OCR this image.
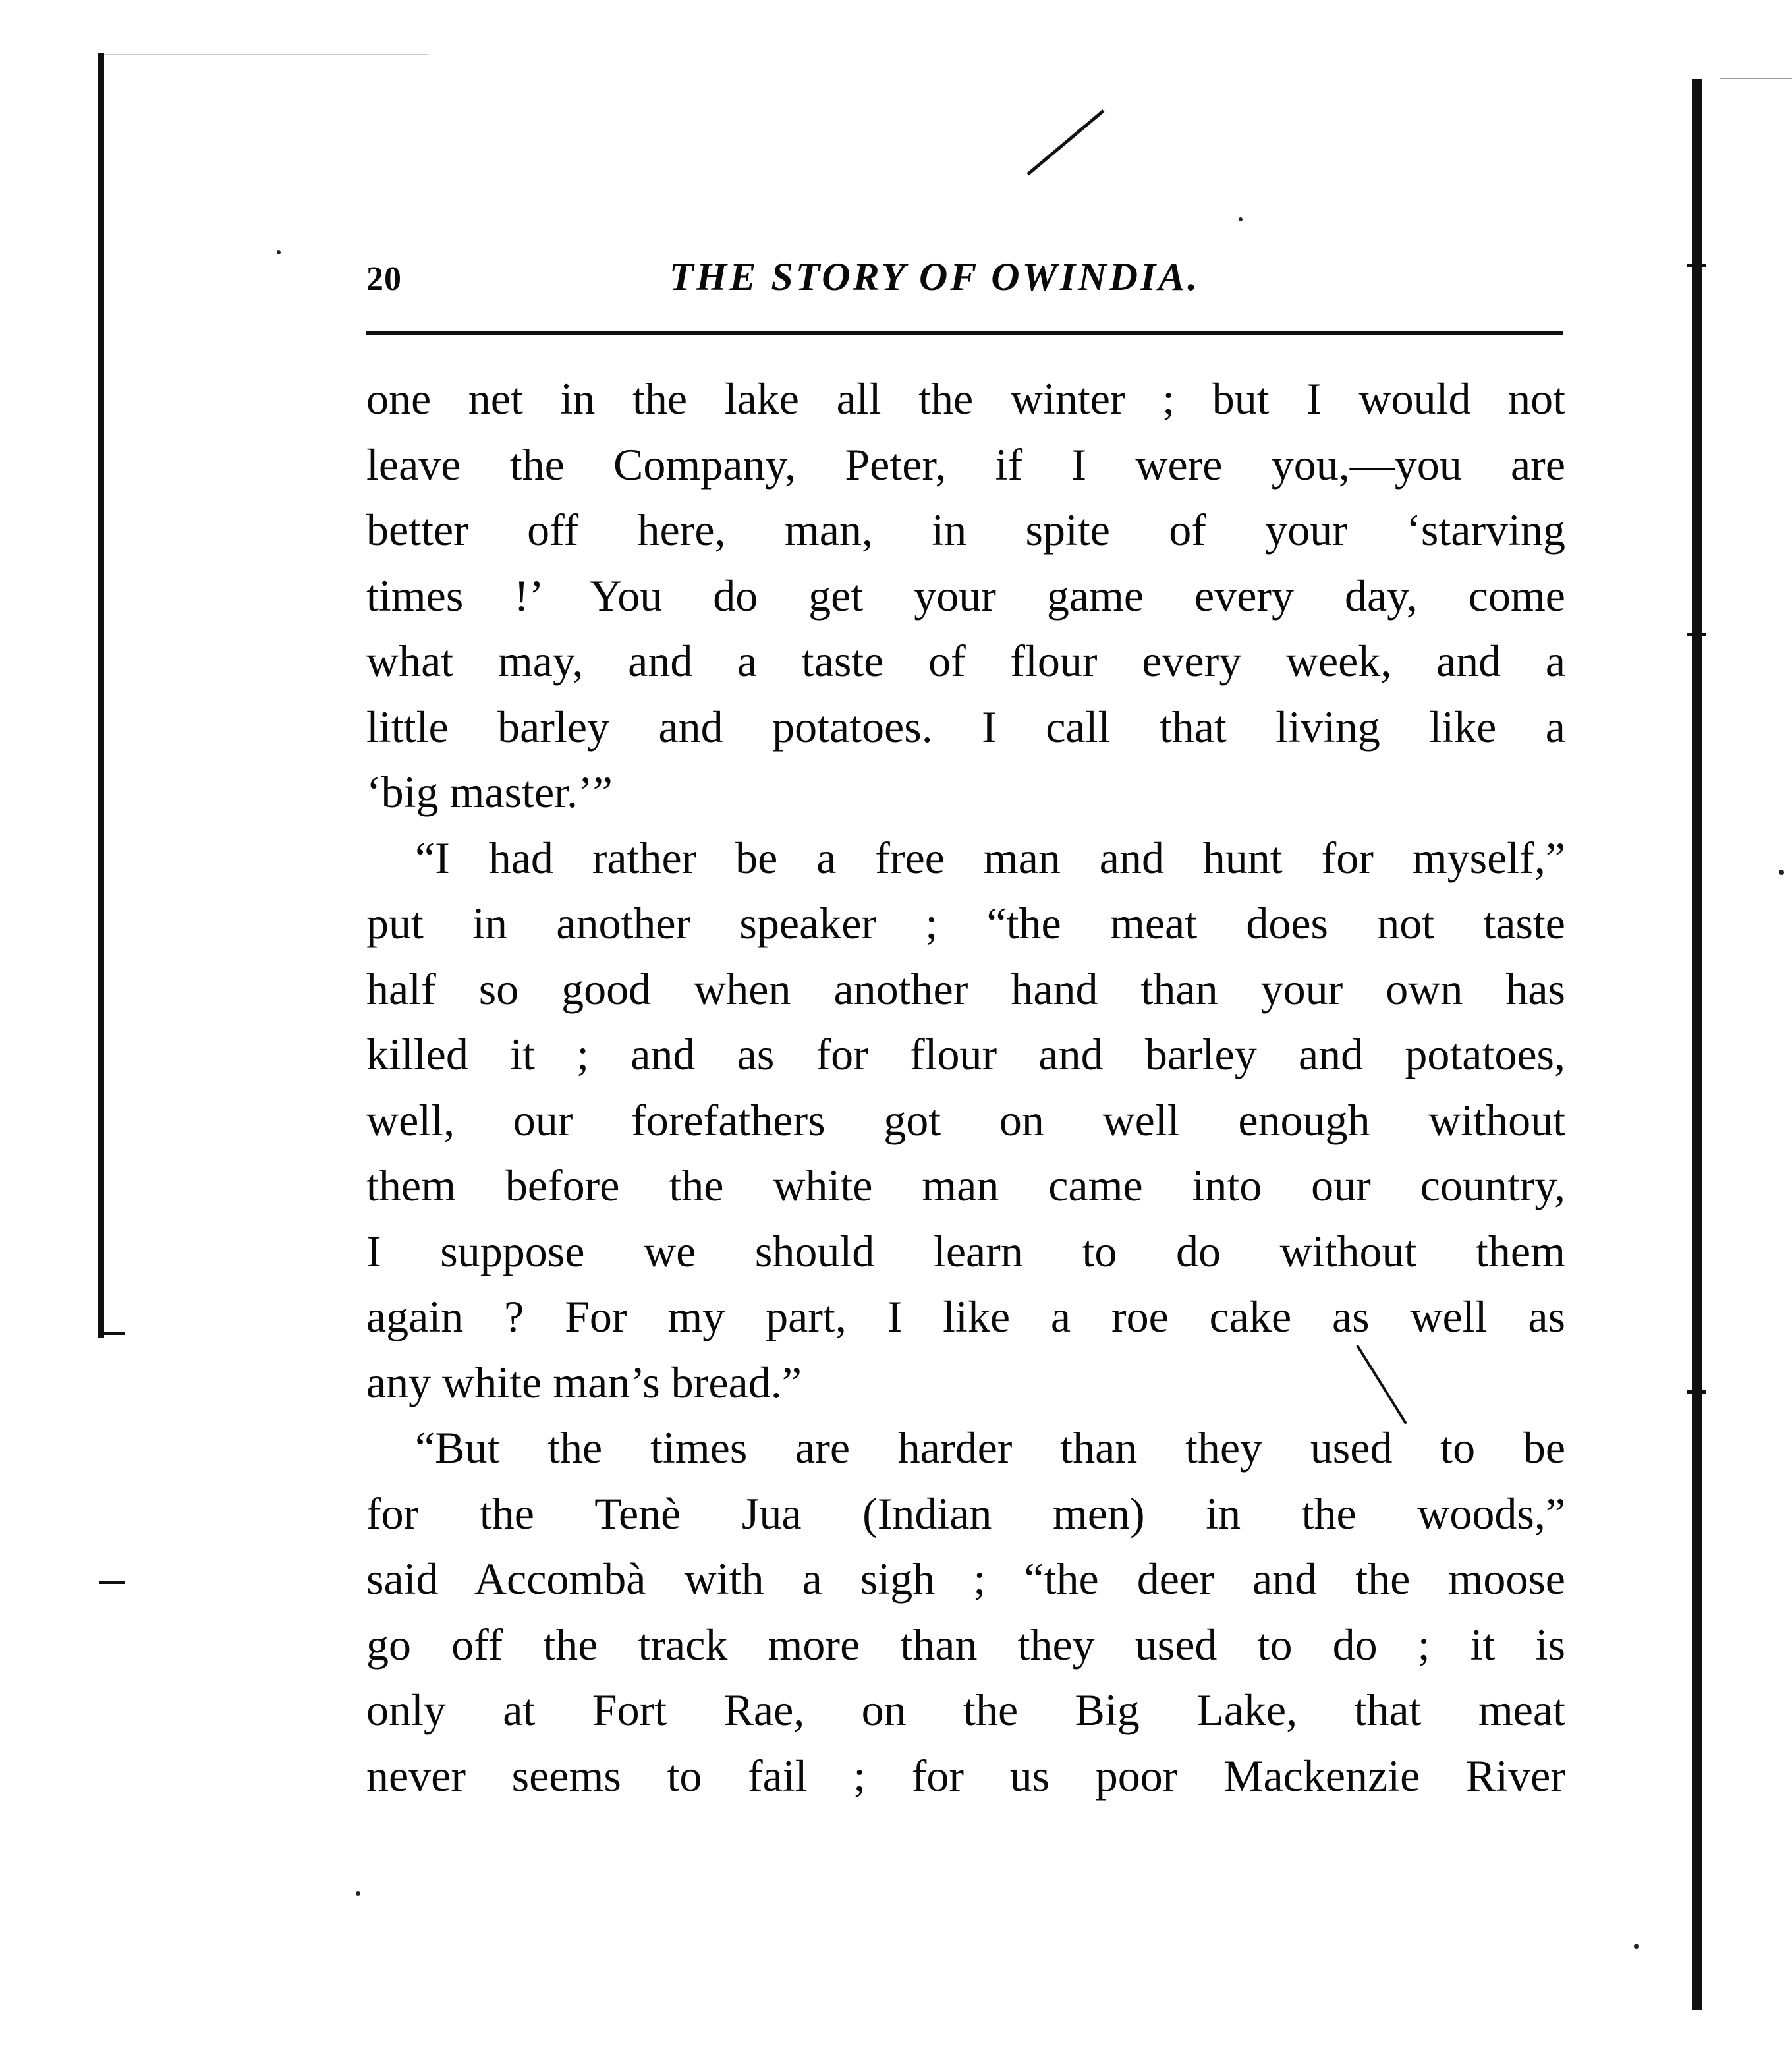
20	THE STORY OF OWINDIA.
one net in the lake all the winter ; but I would not
leave the Company, Peter, if I were you,—you are
better off here, man, in spite of your ‘starving
times !’ You do get your game every day, come
what may, and a taste of flour every week, and a
little barley and potatoes. I call that living like a
‘big master.’”
“I had rather be a free man and hunt for myself,”
put in another speaker ; “the meat does not taste
half so good when another hand than your own has
killed it ; and as for flour and barley and potatoes,
well, our forefathers got on well enough without
them before the white man came into our country,
I suppose we should learn to do without them
again ? For my part, I like a roe cake as well as
any white man’s bread.”
“But the times are harder than they used to be
for the Tenè Jua (Indian men) in the woods,”
said Accombà with a sigh ; “the deer and the moose
go off the track more than they used to do ; it is
only at Fort Rae, on the Big Lake, that meat
never seems to fail ; for us poor Mackenzie River
